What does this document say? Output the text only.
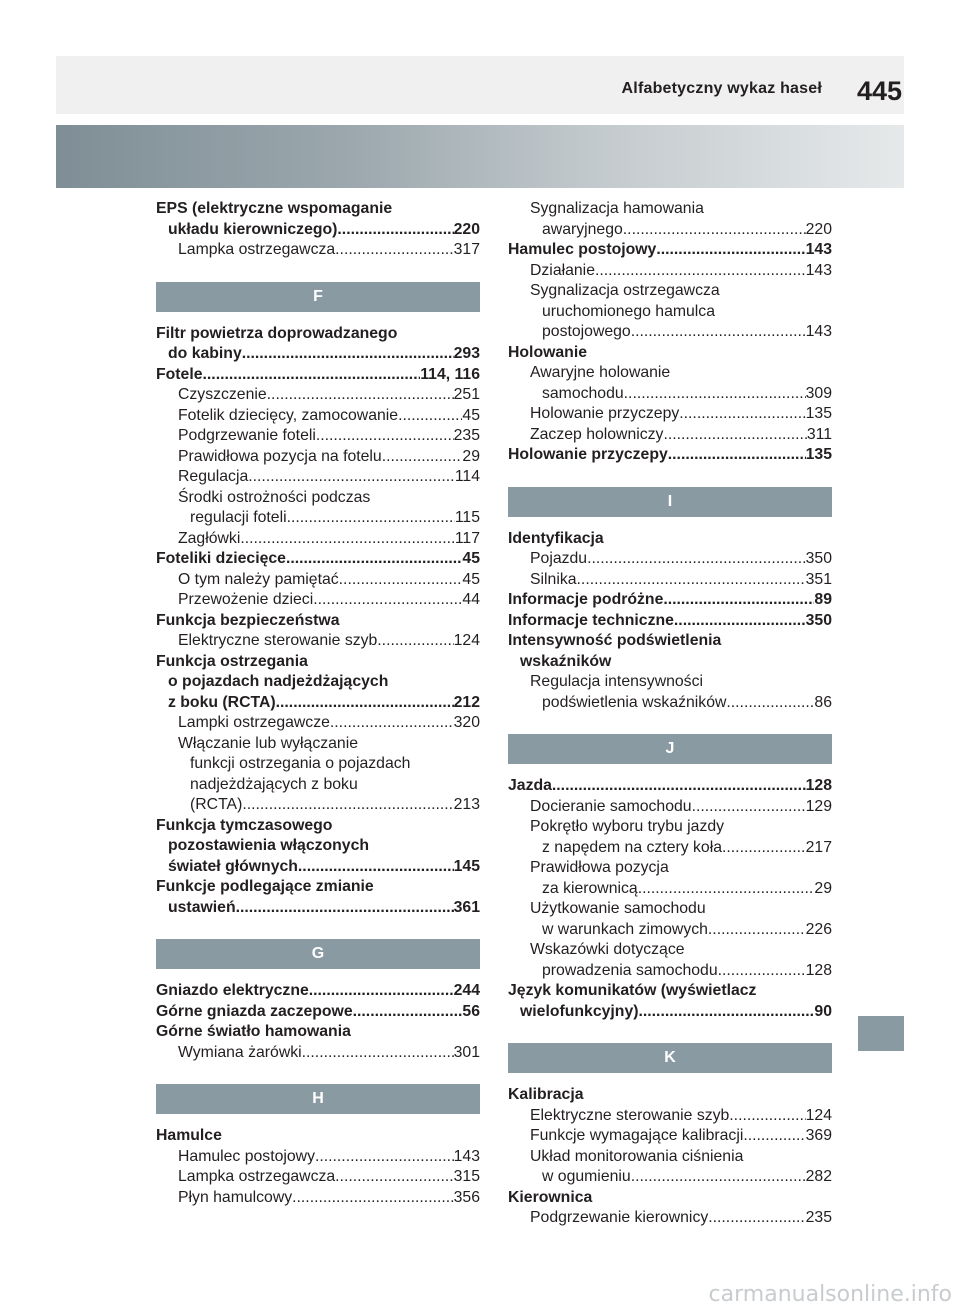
Alfabetyczny wykaz haseł	445
EPS (elektryczne wspomaganie
układu kierowniczego) .....	220
Lampka ostrzegawcza .....	317
F
Filtr powietrza doprowadzanego
do kabiny .....	293
Fotele .....	114, 116
Czyszczenie .....	251
Fotelik dziecięcy, zamocowanie .....	45
Podgrzewanie foteli .....	235
Prawidłowa pozycja na fotelu .....	29
Regulacja .....	114
Środki ostrożności podczas
regulacji foteli .....	115
Zagłówki .....	117
Foteliki dziecięce .....	45
O tym należy pamiętać .....	45
Przewożenie dzieci .....	44
Funkcja bezpieczeństwa
Elektryczne sterowanie szyb .....	124
Funkcja ostrzegania
o pojazdach nadjeżdżających
z boku (RCTA) .....	212
Lampki ostrzegawcze .....	320
Włączanie lub wyłączanie
funkcji ostrzegania o pojazdach
nadjeżdżających z boku
(RCTA) .....	213
Funkcja tymczasowego
pozostawienia włączonych
świateł głównych .....	145
Funkcje podlegające zmianie
ustawień .....	361
G
Gniazdo elektryczne .....	244
Górne gniazda zaczepowe .....	56
Górne światło hamowania
Wymiana żarówki .....	301
H
Hamulce
Hamulec postojowy .....	143
Lampka ostrzegawcza .....	315
Płyn hamulcowy .....	356
Sygnalizacja hamowania
awaryjnego .....	220
Hamulec postojowy .....	143
Działanie .....	143
Sygnalizacja ostrzegawcza
uruchomionego hamulca
postojowego .....	143
Holowanie
Awaryjne holowanie
samochodu .....	309
Holowanie przyczepy .....	135
Zaczep holowniczy .....	311
Holowanie przyczepy .....	135
I
Identyfikacja
Pojazdu .....	350
Silnika .....	351
Informacje podróżne .....	89
Informacje techniczne .....	350
Intensywność podświetlenia
wskaźników
Regulacja intensywności
podświetlenia wskaźników .....	86
J
Jazda .....	128
Docieranie samochodu .....	129
Pokrętło wyboru trybu jazdy
z napędem na cztery koła .....	217
Prawidłowa pozycja
za kierownicą .....	29
Użytkowanie samochodu
w warunkach zimowych .....	226
Wskazówki dotyczące
prowadzenia samochodu .....	128
Język komunikatów (wyświetlacz
wielofunkcyjny) .....	90
K
Kalibracja
Elektryczne sterowanie szyb .....	124
Funkcje wymagające kalibracji .....	369
Układ monitorowania ciśnienia
w ogumieniu .....	282
Kierownica
Podgrzewanie kierownicy .....	235
carmanualsonline.info
